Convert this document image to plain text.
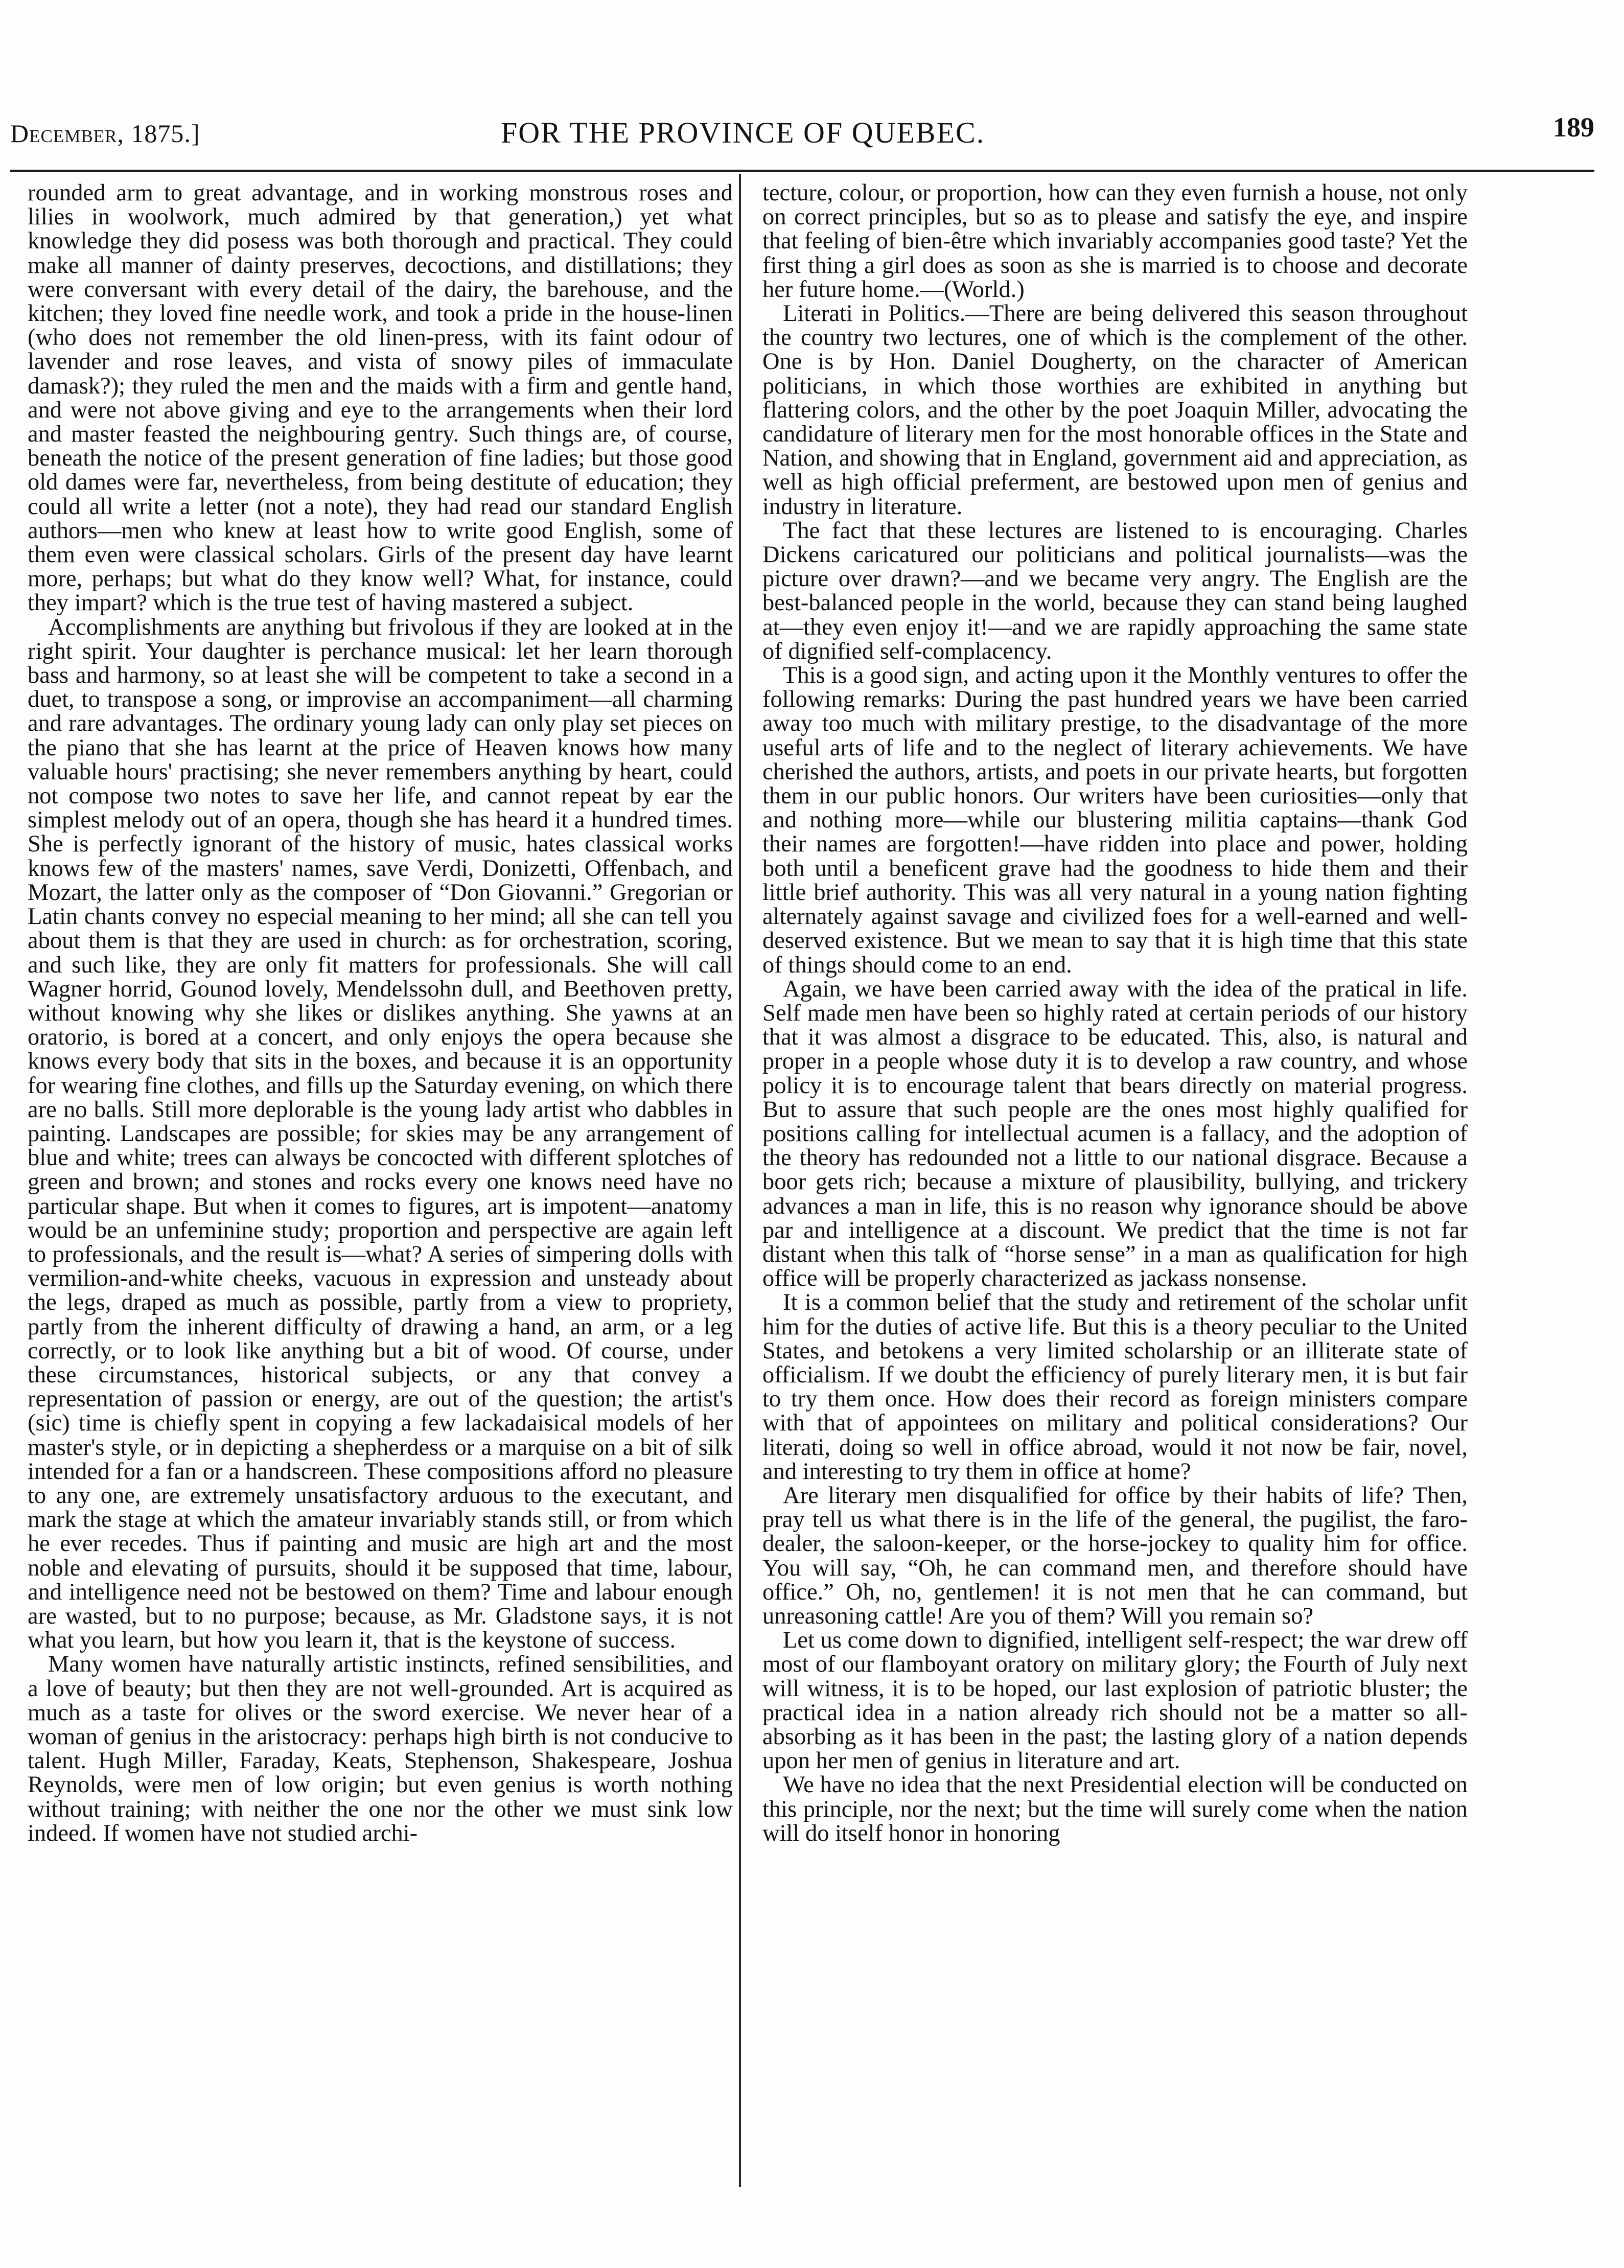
December, 1875.]	FOR THE PROVINCE OF QUEBEC.	189

rounded arm to great advantage, and in working monstrous roses and lilies in woolwork, much admired by that generation,) yet what knowledge they did posess was both thorough and practical. They could make all manner of dainty preserves, decoctions, and distillations; they were conversant with every detail of the dairy, the barehouse, and the kitchen; they loved fine needle work, and took a pride in the house-linen (who does not remember the old linen-press, with its faint odour of lavender and rose leaves, and vista of snowy piles of immaculate damask?); they ruled the men and the maids with a firm and gentle hand, and were not above giving and eye to the arrangements when their lord and master feasted the neighbouring gentry. Such things are, of course, beneath the notice of the present generation of fine ladies; but those good old dames were far, nevertheless, from being destitute of education; they could all write a letter (not a note), they had read our standard English authors—men who knew at least how to write good English, some of them even were classical scholars. Girls of the present day have learnt more, perhaps; but what do they know well? What, for instance, could they impart? which is the true test of having mastered a subject.

Accomplishments are anything but frivolous if they are looked at in the right spirit. Your daughter is perchance musical: let her learn thorough bass and harmony, so at least she will be competent to take a second in a duet, to transpose a song, or improvise an accompaniment—all charming and rare advantages. The ordinary young lady can only play set pieces on the piano that she has learnt at the price of Heaven knows how many valuable hours' practising; she never remembers anything by heart, could not compose two notes to save her life, and cannot repeat by ear the simplest melody out of an opera, though she has heard it a hundred times. She is perfectly ignorant of the history of music, hates classical works knows few of the masters' names, save Verdi, Donizetti, Offenbach, and Mozart, the latter only as the composer of “Don Giovanni.” Gregorian or Latin chants convey no especial meaning to her mind; all she can tell you about them is that they are used in church: as for orchestration, scoring, and such like, they are only fit matters for professionals. She will call Wagner horrid, Gounod lovely, Mendelssohn dull, and Beethoven pretty, without knowing why she likes or dislikes anything. She yawns at an oratorio, is bored at a concert, and only enjoys the opera because she knows every body that sits in the boxes, and because it is an opportunity for wearing fine clothes, and fills up the Saturday evening, on which there are no balls. Still more deplorable is the young lady artist who dabbles in painting. Landscapes are possible; for skies may be any arrangement of blue and white; trees can always be concocted with different splotches of green and brown; and stones and rocks every one knows need have no particular shape. But when it comes to figures, art is impotent—anatomy would be an unfeminine study; proportion and perspective are again left to professionals, and the result is—what? A series of simpering dolls with vermilion-and-white cheeks, vacuous in expression and unsteady about the legs, draped as much as possible, partly from a view to propriety, partly from the inherent difficulty of drawing a hand, an arm, or a leg correctly, or to look like anything but a bit of wood. Of course, under these circumstances, historical subjects, or any that convey a representation of passion or energy, are out of the question; the artist's (sic) time is chiefly spent in copying a few lackadaisical models of her master's style, or in depicting a shepherdess or a marquise on a bit of silk intended for a fan or a handscreen. These compositions afford no pleasure to any one, are extremely unsatisfactory arduous to the executant, and mark the stage at which the amateur invariably stands still, or from which he ever recedes. Thus if painting and music are high art and the most noble and elevating of pursuits, should it be supposed that time, labour, and intelligence need not be bestowed on them? Time and labour enough are wasted, but to no purpose; because, as Mr. Gladstone says, it is not what you learn, but how you learn it, that is the keystone of success.

Many women have naturally artistic instincts, refined sensibilities, and a love of beauty; but then they are not well-grounded. Art is acquired as much as a taste for olives or the sword exercise. We never hear of a woman of genius in the aristocracy: perhaps high birth is not conducive to talent. Hugh Miller, Faraday, Keats, Stephenson, Shakespeare, Joshua Reynolds, were men of low origin; but even genius is worth nothing without training; with neither the one nor the other we must sink low indeed. If women have not studied archi-

tecture, colour, or proportion, how can they even furnish a house, not only on correct principles, but so as to please and satisfy the eye, and inspire that feeling of bien-être which invariably accompanies good taste? Yet the first thing a girl does as soon as she is married is to choose and decorate her future home.—(World.)

Literati in Politics.—There are being delivered this season throughout the country two lectures, one of which is the complement of the other. One is by Hon. Daniel Dougherty, on the character of American politicians, in which those worthies are exhibited in anything but flattering colors, and the other by the poet Joaquin Miller, advocating the candidature of literary men for the most honorable offices in the State and Nation, and showing that in England, government aid and appreciation, as well as high official preferment, are bestowed upon men of genius and industry in literature.

The fact that these lectures are listened to is encouraging. Charles Dickens caricatured our politicians and political journalists—was the picture over drawn?—and we became very angry. The English are the best-balanced people in the world, because they can stand being laughed at—they even enjoy it!—and we are rapidly approaching the same state of dignified self-complacency.

This is a good sign, and acting upon it the Monthly ventures to offer the following remarks: During the past hundred years we have been carried away too much with military prestige, to the disadvantage of the more useful arts of life and to the neglect of literary achievements. We have cherished the authors, artists, and poets in our private hearts, but forgotten them in our public honors. Our writers have been curiosities—only that and nothing more—while our blustering militia captains—thank God their names are forgotten!—have ridden into place and power, holding both until a beneficent grave had the goodness to hide them and their little brief authority. This was all very natural in a young nation fighting alternately against savage and civilized foes for a well-earned and well-deserved existence. But we mean to say that it is high time that this state of things should come to an end.

Again, we have been carried away with the idea of the pratical in life. Self made men have been so highly rated at certain periods of our history that it was almost a disgrace to be educated. This, also, is natural and proper in a people whose duty it is to develop a raw country, and whose policy it is to encourage talent that bears directly on material progress. But to assure that such people are the ones most highly qualified for positions calling for intellectual acumen is a fallacy, and the adoption of the theory has redounded not a little to our national disgrace. Because a boor gets rich; because a mixture of plausibility, bullying, and trickery advances a man in life, this is no reason why ignorance should be above par and intelligence at a discount. We predict that the time is not far distant when this talk of “horse sense” in a man as qualification for high office will be properly characterized as jackass nonsense.

It is a common belief that the study and retirement of the scholar unfit him for the duties of active life. But this is a theory peculiar to the United States, and betokens a very limited scholarship or an illiterate state of officialism. If we doubt the efficiency of purely literary men, it is but fair to try them once. How does their record as foreign ministers compare with that of appointees on military and political considerations? Our literati, doing so well in office abroad, would it not now be fair, novel, and interesting to try them in office at home?

Are literary men disqualified for office by their habits of life? Then, pray tell us what there is in the life of the general, the pugilist, the faro-dealer, the saloon-keeper, or the horse-jockey to quality him for office. You will say, “Oh, he can command men, and therefore should have office.” Oh, no, gentlemen! it is not men that he can command, but unreasoning cattle! Are you of them? Will you remain so?

Let us come down to dignified, intelligent self-respect; the war drew off most of our flamboyant oratory on military glory; the Fourth of July next will witness, it is to be hoped, our last explosion of patriotic bluster; the practical idea in a nation already rich should not be a matter so all-absorbing as it has been in the past; the lasting glory of a nation depends upon her men of genius in literature and art.

We have no idea that the next Presidential election will be conducted on this principle, nor the next; but the time will surely come when the nation will do itself honor in honoring
